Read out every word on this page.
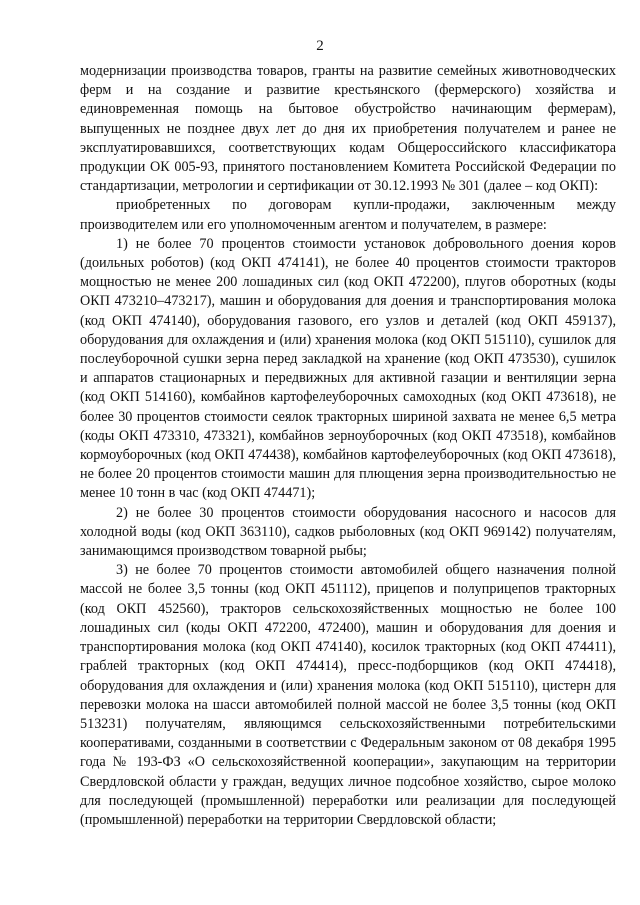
2

модернизации производства товаров, гранты на развитие семейных животноводческих ферм и на создание и развитие крестьянского (фермерского) хозяйства и единовременная помощь на бытовое обустройство начинающим фермерам), выпущенных не позднее двух лет до дня их приобретения получателем и ранее не эксплуатировавшихся, соответствующих кодам Общероссийского классификатора продукции ОК 005-93, принятого постановлением Комитета Российской Федерации по стандартизации, метрологии и сертификации от 30.12.1993 № 301 (далее – код ОКП):

приобретенных по договорам купли-продажи, заключенным между производителем или его уполномоченным агентом и получателем, в размере:

1) не более 70 процентов стоимости установок добровольного доения коров (доильных роботов) (код ОКП 474141), не более 40 процентов стоимости тракторов мощностью не менее 200 лошадиных сил (код ОКП 472200), плугов оборотных (коды ОКП 473210–473217), машин и оборудования для доения и транспортирования молока (код ОКП 474140), оборудования газового, его узлов и деталей (код ОКП 459137), оборудования для охлаждения и (или) хранения молока (код ОКП 515110), сушилок для послеуборочной сушки зерна перед закладкой на хранение (код ОКП 473530), сушилок и аппаратов стационарных и передвижных для активной газации и вентиляции зерна (код ОКП 514160), комбайнов картофелеуборочных самоходных (код ОКП 473618), не более 30 процентов стоимости сеялок тракторных шириной захвата не менее 6,5 метра (коды ОКП 473310, 473321), комбайнов зерноуборочных (код ОКП 473518), комбайнов кормоуборочных (код ОКП 474438), комбайнов картофелеуборочных (код ОКП 473618), не более 20 процентов стоимости машин для плющения зерна производительностью не менее 10 тонн в час (код ОКП 474471);

2) не более 30 процентов стоимости оборудования насосного и насосов для холодной воды (код ОКП 363110), садков рыболовных (код ОКП 969142) получателям, занимающимся производством товарной рыбы;

3) не более 70 процентов стоимости автомобилей общего назначения полной массой не более 3,5 тонны (код ОКП 451112), прицепов и полуприцепов тракторных (код ОКП 452560), тракторов сельскохозяйственных мощностью не более 100 лошадиных сил (коды ОКП 472200, 472400), машин и оборудования для доения и транспортирования молока (код ОКП 474140), косилок тракторных (код ОКП 474411), граблей тракторных (код ОКП 474414), пресс-подборщиков (код ОКП 474418), оборудования для охлаждения и (или) хранения молока (код ОКП 515110), цистерн для перевозки молока на шасси автомобилей полной массой не более 3,5 тонны (код ОКП 513231) получателям, являющимся сельскохозяйственными потребительскими кооперативами, созданными в соответствии с Федеральным законом от 08 декабря 1995 года № 193-ФЗ «О сельскохозяйственной кооперации», закупающим на территории Свердловской области у граждан, ведущих личное подсобное хозяйство, сырое молоко для последующей (промышленной) переработки или реализации для последующей (промышленной) переработки на территории Свердловской области;
